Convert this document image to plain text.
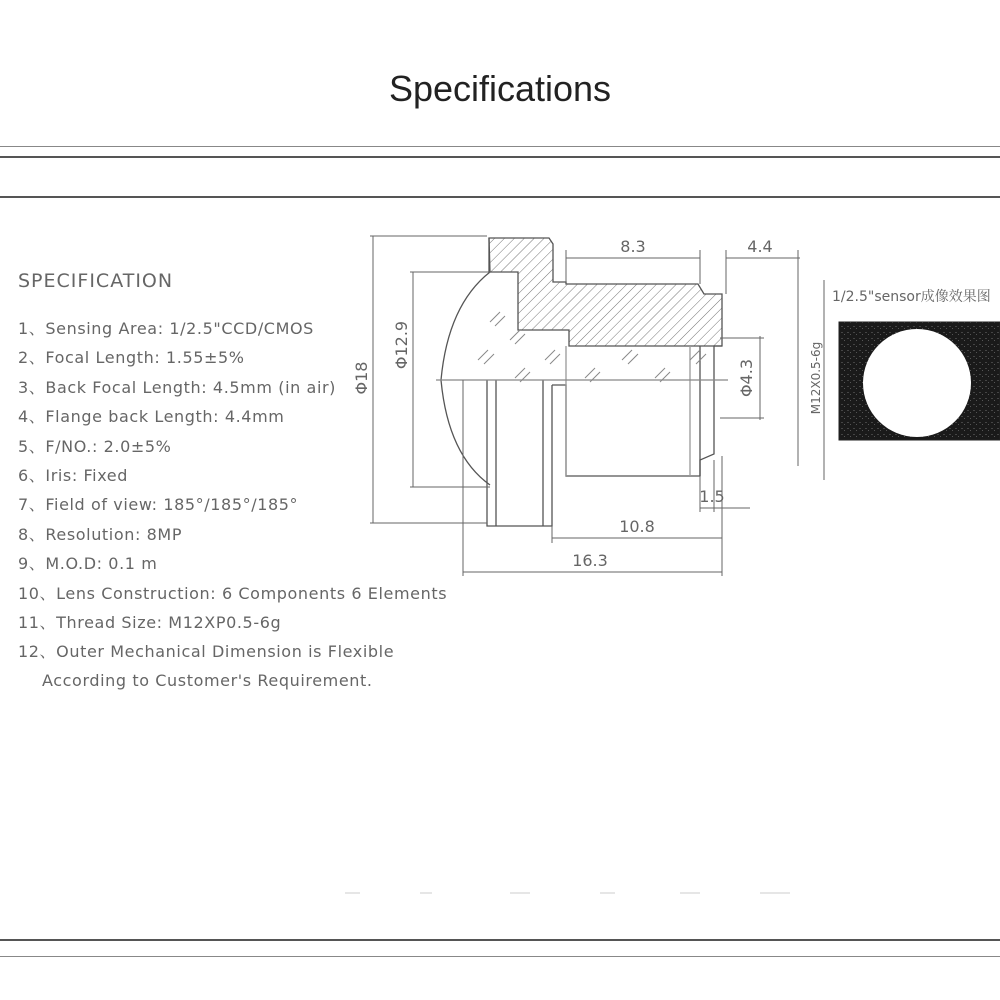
Specifications
SPECIFICATION
1、Sensing Area: 1/2.5"CCD/CMOS
2、Focal Length: 1.55±5%
3、Back Focal Length: 4.5mm (in air)
4、Flange back Length: 4.4mm
5、F/NO.: 2.0±5%
6、Iris: Fixed
7、Field of view: 185°/185°/185°
8、Resolution: 8MP
9、M.O.D: 0.1 m
10、Lens Construction: 6 Components 6 Elements
11、Thread Size: M12XP0.5-6g
12、Outer Mechanical Dimension is Flexible
According to Customer's Requirement.
Φ18
Φ12.9
Φ4.3
8.3	4.4
1.5
10.8
16.3
M12X0.5-6g
1/2.5"sensor成像效果图
